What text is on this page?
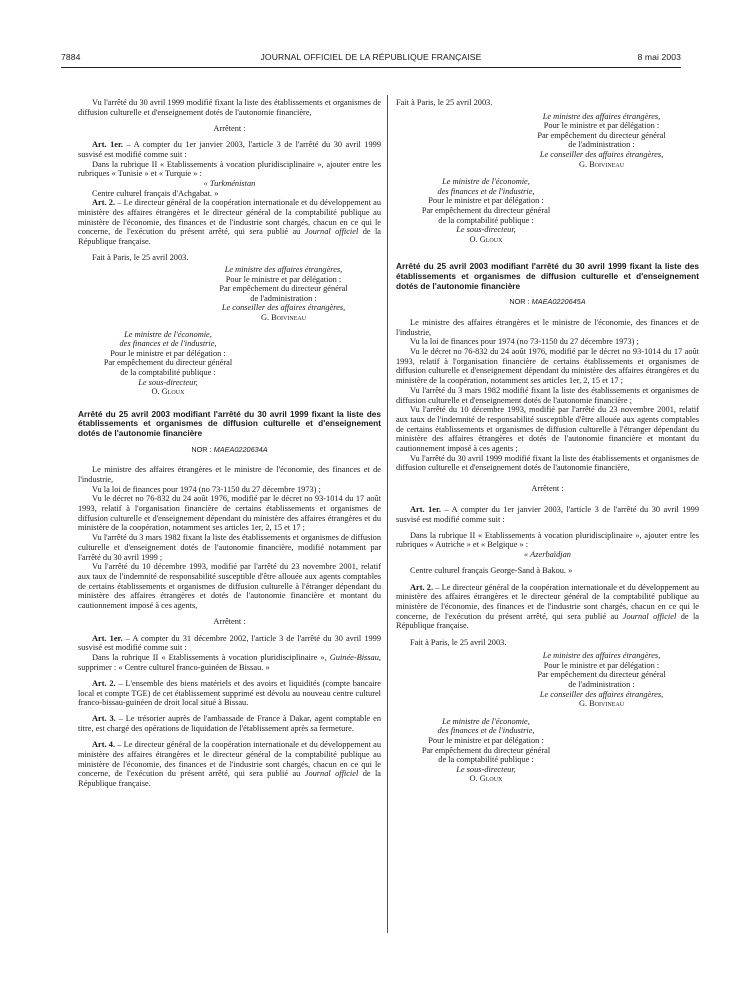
7884	JOURNAL OFFICIEL DE LA RÉPUBLIQUE FRANÇAISE	8 mai 2003

Vu l'arrêté du 30 avril 1999 modifié fixant la liste des établissements et organismes de diffusion culturelle et d'enseignement dotés de l'autonomie financière,

Arrêtent :

Art. 1er. – A compter du 1er janvier 2003, l'article 3 de l'arrêté du 30 avril 1999 susvisé est modifié comme suit :

Dans la rubrique II « Etablissements à vocation pluridisciplinaire », ajouter entre les rubriques « Tunisie » et « Turquie » :

« Turkménistan

Centre culturel français d'Achgabat. »

Art. 2. – Le directeur général de la coopération internationale et du développement au ministère des affaires étrangères et le directeur général de la comptabilité publique au ministère de l'économie, des finances et de l'industrie sont chargés, chacun en ce qui le concerne, de l'exécution du présent arrêté, qui sera publié au Journal officiel de la République française.

Fait à Paris, le 25 avril 2003.

Le ministre des affaires étrangères,

Pour le ministre et par délégation :

Par empêchement du directeur général

de l'administration :

Le conseiller des affaires étrangères,

G. Boivineau

Le ministre de l'économie,

des finances et de l'industrie,

Pour le ministre et par délégation :

Par empêchement du directeur général

de la comptabilité publique :

Le sous-directeur,

O. Gloux

Arrêté du 25 avril 2003 modifiant l'arrêté du 30 avril 1999 fixant la liste des établissements et organismes de diffusion culturelle et d'enseignement dotés de l'autonomie financière

NOR : MAEA0220634A

Le ministre des affaires étrangères et le ministre de l'économie, des finances et de l'industrie,

Vu la loi de finances pour 1974 (no 73-1150 du 27 décembre 1973) ;

Vu le décret no 76-832 du 24 août 1976, modifié par le décret no 93-1014 du 17 août 1993, relatif à l'organisation financière de certains établissements et organismes de diffusion culturelle et d'enseignement dépendant du ministère des affaires étrangères et du ministère de la coopération, notamment ses articles 1er, 2, 15 et 17 ;

Vu l'arrêté du 3 mars 1982 fixant la liste des établissements et organismes de diffusion culturelle et d'enseignement dotés de l'autonomie financière, modifié notamment par l'arrêté du 30 avril 1999 ;

Vu l'arrêté du 10 décembre 1993, modifié par l'arrêté du 23 novembre 2001, relatif aux taux de l'indemnité de responsabilité susceptible d'être allouée aux agents comptables de certains établissements et organismes de diffusion culturelle à l'étranger dépendant du ministère des affaires étrangères et dotés de l'autonomie financière et montant du cautionnement imposé à ces agents,

Arrêtent :

Art. 1er. – A compter du 31 décembre 2002, l'article 3 de l'arrêté du 30 avril 1999 susvisé est modifié comme suit :

Dans la rubrique II « Etablissements à vocation pluridisciplinaire », Guinée-Bissau, supprimer : « Centre culturel franco-guinéen de Bissau. »

Art. 2. – L'ensemble des biens matériels et des avoirs et liquidités (compte bancaire local et compte TGE) de cet établissement supprimé est dévolu au nouveau centre culturel franco-bissau-guinéen de droit local situé à Bissau.

Art. 3. – Le trésorier auprès de l'ambassade de France à Dakar, agent comptable en titre, est chargé des opérations de liquidation de l'établissement après sa fermeture.

Art. 4. – Le directeur général de la coopération internationale et du développement au ministère des affaires étrangères et le directeur général de la comptabilité publique au ministère de l'économie, des finances et de l'industrie sont chargés, chacun en ce qui le concerne, de l'exécution du présent arrêté, qui sera publié au Journal officiel de la République française.

Fait à Paris, le 25 avril 2003.

Le ministre des affaires étrangères,

Pour le ministre et par délégation :

Par empêchement du directeur général

de l'administration :

Le conseiller des affaires étrangères,

G. Boivineau

Le ministre de l'économie,

des finances et de l'industrie,

Pour le ministre et par délégation :

Par empêchement du directeur général

de la comptabilité publique :

Le sous-directeur,

O. Gloux

Arrêté du 25 avril 2003 modifiant l'arrêté du 30 avril 1999 fixant la liste des établissements et organismes de diffusion culturelle et d'enseignement dotés de l'autonomie financière

NOR : MAEA0220645A

Le ministre des affaires étrangères et le ministre de l'économie, des finances et de l'industrie,

Vu la loi de finances pour 1974 (no 73-1150 du 27 décembre 1973) ;

Vu le décret no 76-832 du 24 août 1976, modifié par le décret no 93-1014 du 17 août 1993, relatif à l'organisation financière de certains établissements et organismes de diffusion culturelle et d'enseignement dépendant du ministère des affaires étrangères et du ministère de la coopération, notamment ses articles 1er, 2, 15 et 17 ;

Vu l'arrêté du 3 mars 1982 modifié fixant la liste des établissements et organismes de diffusion culturelle et d'enseignement dotés de l'autonomie financière ;

Vu l'arrêté du 10 décembre 1993, modifié par l'arrêté du 23 novembre 2001, relatif aux taux de l'indemnité de responsabilité susceptible d'être allouée aux agents comptables de certains établissements et organismes de diffusion culturelle à l'étranger dépendant du ministère des affaires étrangères et dotés de l'autonomie financière et montant du cautionnement imposé à ces agents ;

Vu l'arrêté du 30 avril 1999 modifié fixant la liste des établissements et organismes de diffusion culturelle et d'enseignement dotés de l'autonomie financière,

Arrêtent :

Art. 1er. – A compter du 1er janvier 2003, l'article 3 de l'arrêté du 30 avril 1999 susvisé est modifié comme suit :

Dans la rubrique II « Etablissements à vocation pluridisciplinaire », ajouter entre les rubriques « Autriche » et « Belgique » :

« Azerbaïdjan

Centre culturel français George-Sand à Bakou. »

Art. 2. – Le directeur général de la coopération internationale et du développement au ministère des affaires étrangères et le directeur général de la comptabilité publique au ministère de l'économie, des finances et de l'industrie sont chargés, chacun en ce qui le concerne, de l'exécution du présent arrêté, qui sera publié au Journal officiel de la République française.

Fait à Paris, le 25 avril 2003.

Le ministre des affaires étrangères,

Pour le ministre et par délégation :

Par empêchement du directeur général

de l'administration :

Le conseiller des affaires étrangères,

G. Boivineau

Le ministre de l'économie,

des finances et de l'industrie,

Pour le ministre et par délégation :

Par empêchement du directeur général

de la comptabilité publique :

Le sous-directeur,

O. Gloux
